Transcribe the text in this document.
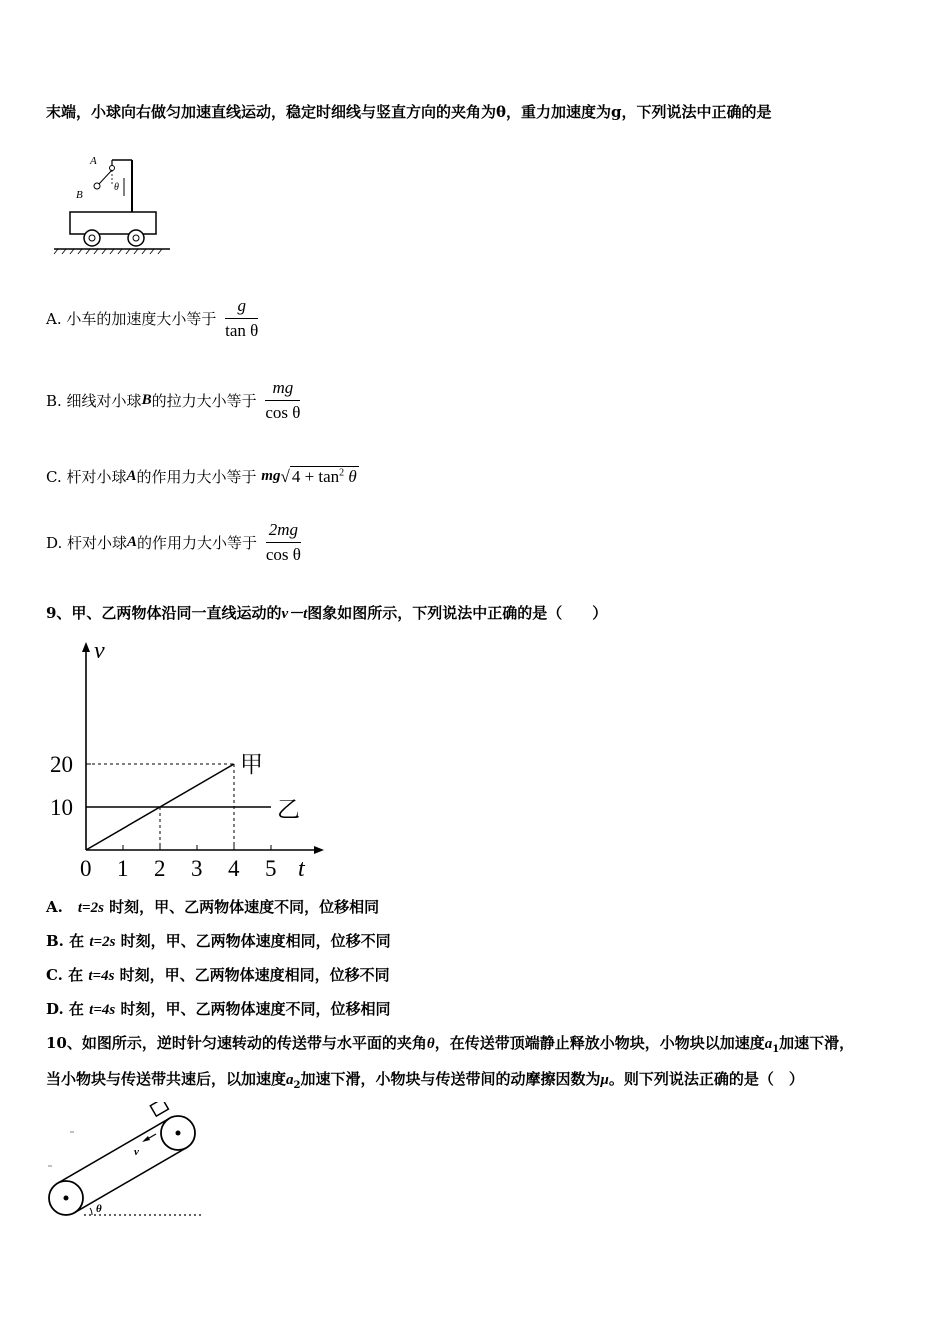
末端，小球向右做匀加速直线运动，稳定时细线与竖直方向的夹角为θ，重力加速度为g，下列说法中正确的是
A
B
θ
A. 小车的加速度大小等于 $\frac{g}{\text{tan θ}}$
B. 细线对小球B的拉力大小等于 $\frac{mg}{\text{cos θ}}$
C. 杆对小球A的作用力大小等于 mg√ $4 + \tan^2 \theta$
D. 杆对小球A的作用力大小等于 $\frac{2mg}{\text{cos θ}}$
9、甲、乙两物体沿同一直线运动的v－t图象如图所示，下列说法中正确的是（　　）
t
v
0 1 2 3 4 5
10
20	甲
乙
A.  t=2s 时刻，甲、乙两物体速度不同，位移相同
B. 在 t=2s 时刻，甲、乙两物体速度相同，位移不同
C. 在 t=4s 时刻，甲、乙两物体速度相同，位移不同
D. 在 t=4s 时刻，甲、乙两物体速度不同，位移相同
10、如图所示，逆时针匀速转动的传送带与水平面的夹角θ，在传送带顶端静止释放小物块，小物块以加速度$a_1$加速下滑，
当小物块与传送带共速后，以加速度$a_2$加速下滑，小物块与传送带间的动摩擦因数为μ。则下列说法正确的是（　）
v
θ
